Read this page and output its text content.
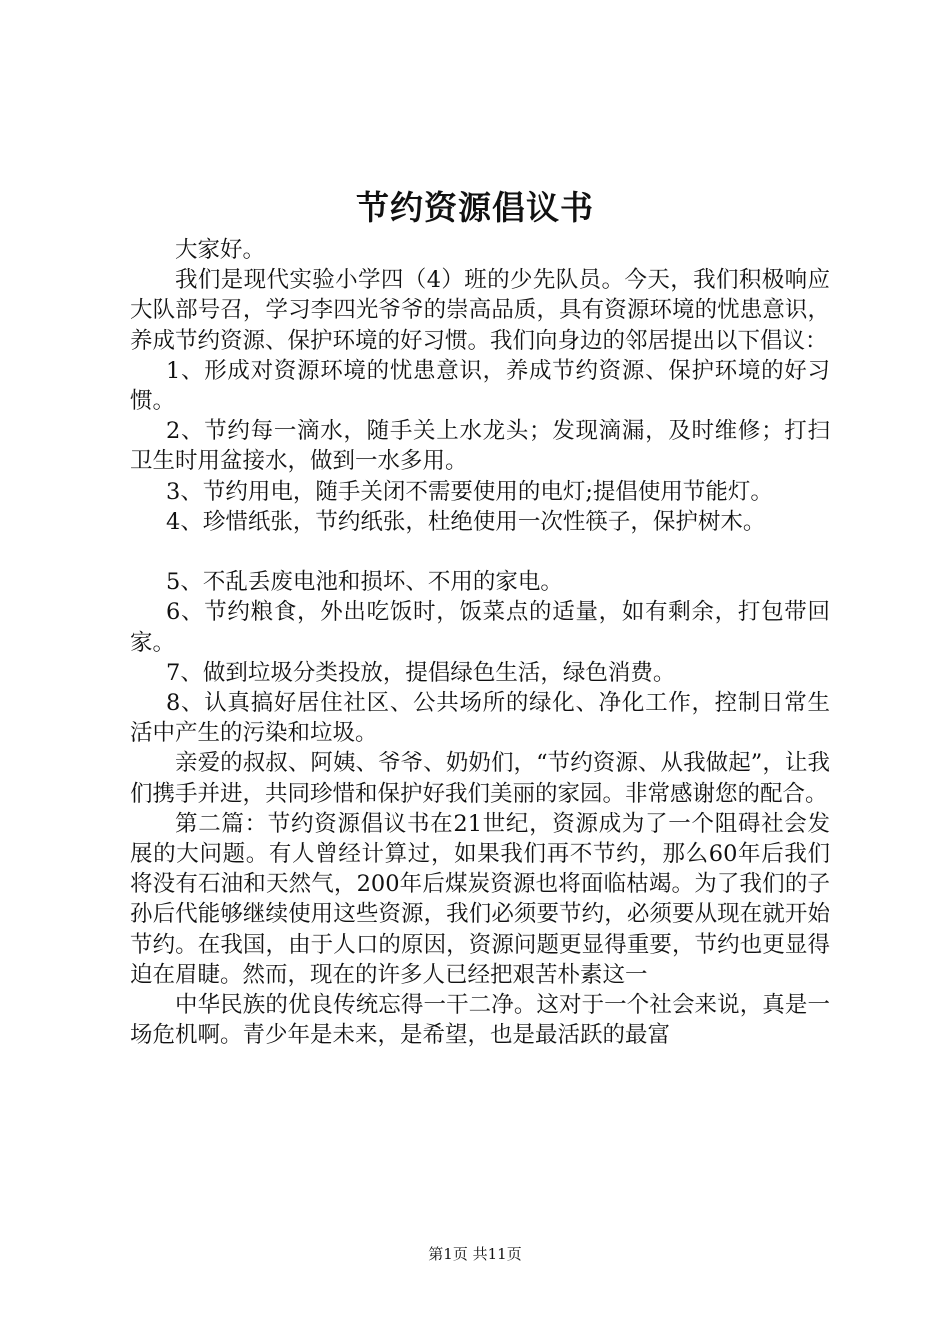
节约资源倡议书

大家好。

我们是现代实验小学四（4）班的少先队员。今天，我们积极响应大队部号召，学习李四光爷爷的崇高品质，具有资源环境的忧患意识，养成节约资源、保护环境的好习惯。我们向身边的邻居提出以下倡议：

1、形成对资源环境的忧患意识，养成节约资源、保护环境的好习惯。

2、节约每一滴水，随手关上水龙头；发现滴漏，及时维修；打扫卫生时用盆接水，做到一水多用。

3、节约用电，随手关闭不需要使用的电灯;提倡使用节能灯。

4、珍惜纸张，节约纸张，杜绝使用一次性筷子，保护树木。

5、不乱丢废电池和损坏、不用的家电。

6、节约粮食，外出吃饭时，饭菜点的适量，如有剩余，打包带回家。

7、做到垃圾分类投放，提倡绿色生活，绿色消费。

8、认真搞好居住社区、公共场所的绿化、净化工作，控制日常生活中产生的污染和垃圾。

亲爱的叔叔、阿姨、爷爷、奶奶们，“节约资源、从我做起”，让我们携手并进，共同珍惜和保护好我们美丽的家园。非常感谢您的配合。

第二篇：节约资源倡议书在21世纪，资源成为了一个阻碍社会发展的大问题。有人曾经计算过，如果我们再不节约，那么60年后我们将没有石油和天然气，200年后煤炭资源也将面临枯竭。为了我们的子孙后代能够继续使用这些资源，我们必须要节约，必须要从现在就开始节约。在我国，由于人口的原因，资源问题更显得重要，节约也更显得迫在眉睫。然而，现在的许多人已经把艰苦朴素这一

中华民族的优良传统忘得一干二净。这对于一个社会来说，真是一场危机啊。青少年是未来，是希望，也是最活跃的最富

第1页 共11页
